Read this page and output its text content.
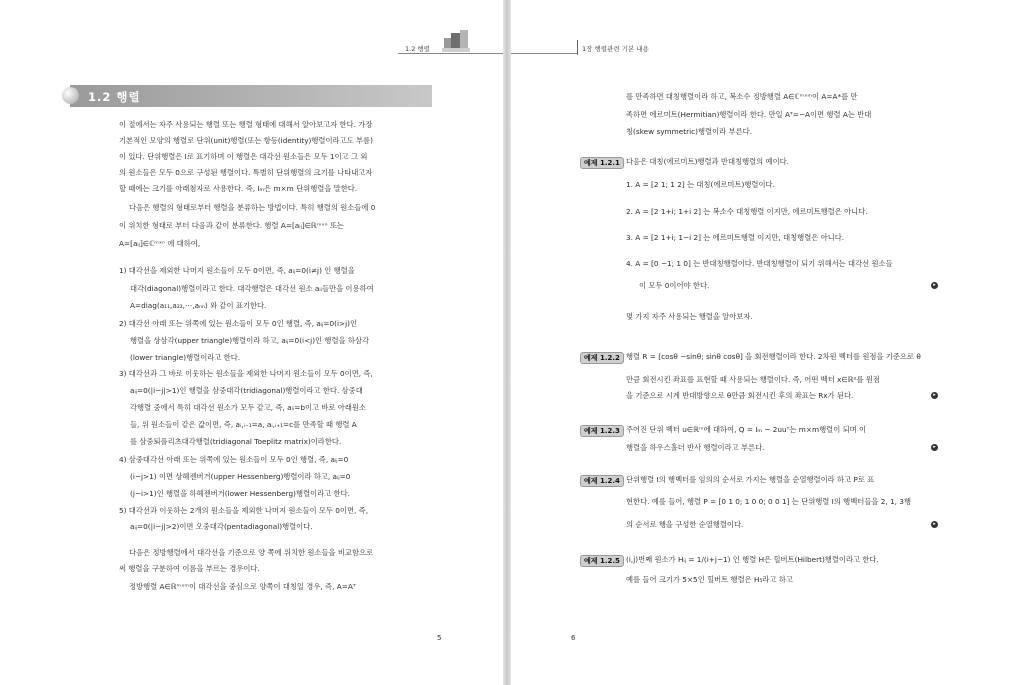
1.2 행렬
1.2 행렬
이 절에서는 자주 사용되는 행렬 또는 행렬 형태에 대해서 알아보고자 한다. 가장
기본적인 모양의 행렬로 단위(unit)행렬(또는 항등(identity)행렬이라고도 부름)
이 있다. 단위행렬은 I로 표기하며 이 행렬은 대각선 원소들은 모두 1이고 그 외
의 원소들은 모두 0으로 구성된 행렬이다. 특별히 단위행렬의 크기를 나타내고자
할 때에는 크기를 아래첨자로 사용한다. 즉, Iₘ은 m×m 단위행렬을 말한다.
다음은 행렬의 형태로부터 행렬을 분류하는 방법이다. 특히 행렬의 원소들에 0
이 위치한 형태로 부터 다음과 같이 분류한다. 행렬 A=[aᵢⱼ]∈ℝᵐˣⁿ 또는
A=[aᵢⱼ]∈ℂᵐˣⁿ 에 대하여,
1) 대각선을 제외한 나머지 원소들이 모두 0이면, 즉, aᵢⱼ=0(i≠j) 인 행렬을
대각(diagonal)행렬이라고 한다. 대각행렬은 대각선 원소 aᵢᵢ들만을 이용하여
A=diag(a₁₁,a₂₂,⋯,aₙₙ) 와 같이 표기한다.
2) 대각선 아래 또는 위쪽에 있는 원소들이 모두 0인 행렬, 즉, aᵢⱼ=0(i>j)인
행렬을 상삼각(upper triangle)행렬이라 하고, aᵢⱼ=0(i<j)인 행렬을 하삼각
(lower triangle)행렬이라고 한다.
3) 대각선과 그 바로 이웃하는 원소들을 제외한 나머지 원소들이 모두 0이면, 즉,
aᵢⱼ=0(|i−j|>1)인 행렬을 삼중대각(tridiagonal)행렬이라고 한다. 삼중대
각행렬 중에서 특히 대각선 원소가 모두 같고, 즉, aᵢᵢ=b이고 바로 아래원소
들, 위 원소들이 같은 값이면, 즉, aᵢ,ᵢ₋₁=a, aᵢ,ᵢ₊₁=c를 만족할 때 행렬 A
를 삼중퇴플리츠대각행렬(tridiagonal Toeplitz matrix)이라한다.
4) 삼중대각선 아래 또는 위쪽에 있는 원소들이 모두 0인 행렬, 즉, aᵢⱼ=0
(i−j>1) 이면 상헤젠버거(upper Hessenberg)행렬이라 하고, aᵢⱼ=0
(j−i>1)인 행렬을 하헤젠버거(lower Hessenberg)행렬이라고 한다.
5) 대각선과 이웃하는 2개의 원소들을 제외한 나머지 원소들이 모두 0이면, 즉,
aᵢⱼ=0(|i−j|>2)이면 오중대각(pentadiagonal)행렬이다.
다음은 정방행렬에서 대각선을 기준으로 양 쪽에 위치한 원소들을 비교함으로
써 행렬을 구분하여 이름을 부르는 경우이다.
정방행렬 A∈ℝᵐˣᵐ이 대각선을 중심으로 양쪽이 대칭일 경우, 즉, A=Aᵀ
5
1장 행렬관련 기본 내용
를 만족하면 대칭행렬이라 하고, 복소수 정방행렬 A∈ℂᵐˣᵐ이 A=A*를 만
족하면 에르미트(Hermitian)행렬이라 한다. 만일 Aᵀ=−A이면 행렬 A는 반대
칭(skew symmetric)행렬이라 부른다.
예제 1.2.1 다음은 대칭(에르미트)행렬과 반대칭행렬의 예이다.
1. A = [2 1; 1 2] 는 대칭(에르미트)행렬이다.
2. A = [2 1+i; 1+i 2] 는 복소수 대칭행렬 이지만, 에르미트행렬은 아니다.
3. A = [2 1+i; 1−i 2] 는 에르미트행렬 이지만, 대칭행렬은 아니다.
4. A = [0 −1; 1 0] 는 반대칭행렬이다. 반대칭행렬이 되기 위해서는 대각선 원소들
이 모두 0이어야 한다.	▸
몇 가지 자주 사용되는 행렬을 알아보자.
예제 1.2.2 행렬 R = [cosθ −sinθ; sinθ cosθ] 을 회전행렬이라 한다. 2차원 벡터를 원점을 기준으로 θ
만큼 회전시킨 좌표를 표현할 때 사용되는 행렬이다. 즉, 어떤 벡터 x∈ℝ²를 원점
을 기준으로 시계 반대방향으로 θ만큼 회전시킨 후의 좌표는 Rx가 된다.	▸
예제 1.2.3 주어진 단위 벡터 u∈ℝᵐ에 대하여, Q = Iₘ − 2uuᵀ는 m×m행렬이 되며 이
행렬을 하우스홀더 반사 행렬이라고 부른다.	▸
예제 1.2.4 단위행렬 I의 행벡터를 임의의 순서로 가지는 행렬을 순열행렬이라 하고 P로 표
현한다. 예를 들어, 행렬 P = [0 1 0; 1 0 0; 0 0 1] 는 단위행렬 I의 행벡터들을 2, 1, 3행
의 순서로 행을 구성한 순열행렬이다.	▸
예제 1.2.5 (i,j)번째 원소가 Hᵢⱼ = 1/(i+j−1) 인 행렬 H은 힐버트(Hilbert)행렬이라고 한다.
예를 들어 크기가 5×5인 힐버트 행렬은 H₅라고 하고
6
